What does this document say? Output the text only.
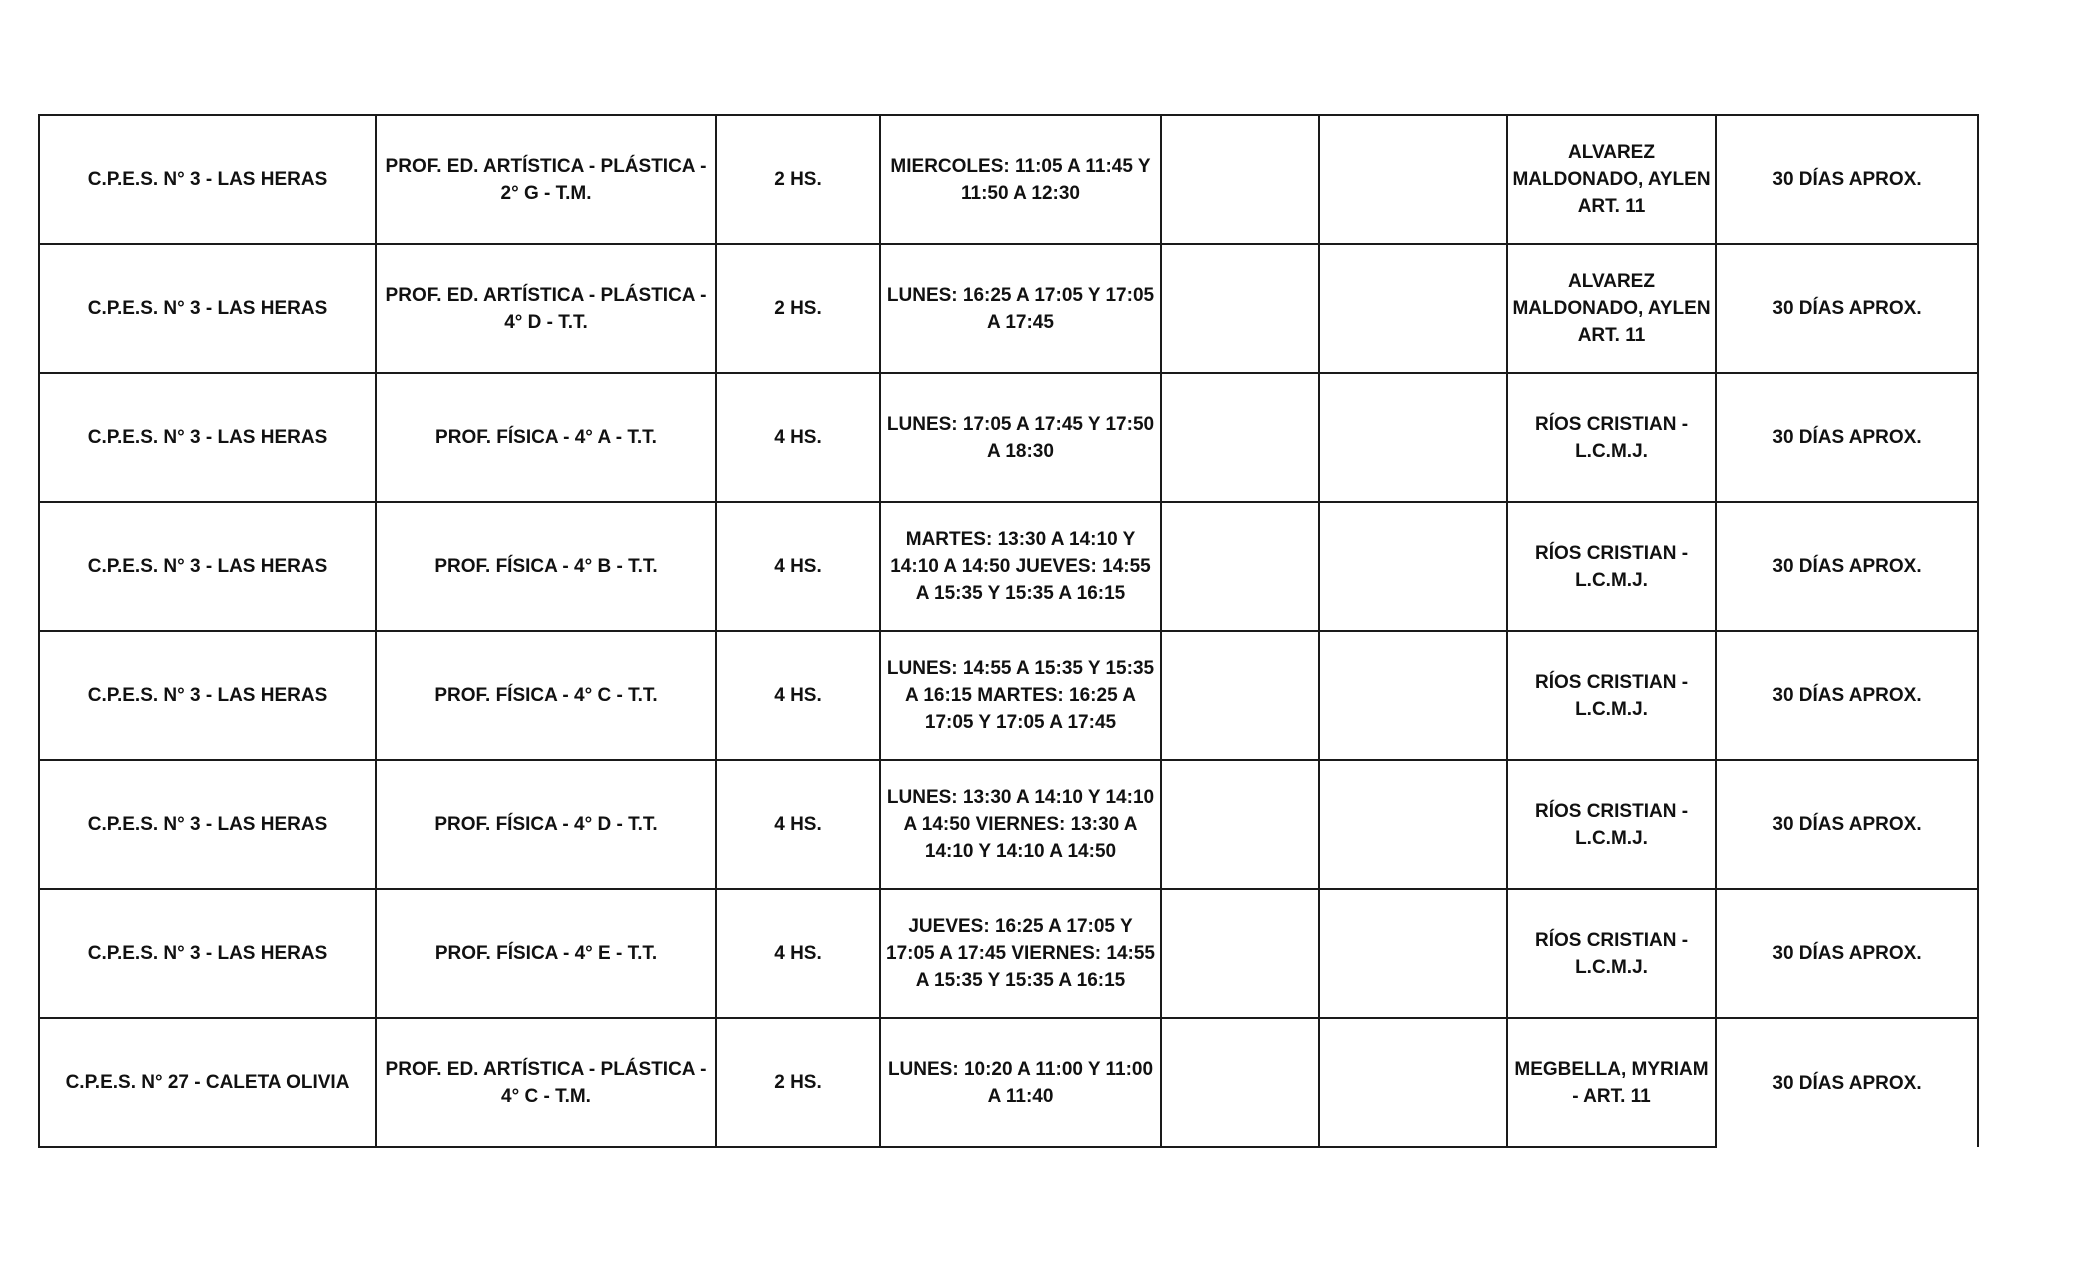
C.P.E.S. N° 3 - LAS HERAS	PROF. ED. ARTÍSTICA - PLÁSTICA - 2° G - T.M.	2 HS.	MIERCOLES: 11:05 A 11:45 Y 11:50 A 12:30			ALVAREZ MALDONADO, AYLEN ART. 11	30 DÍAS APROX.
C.P.E.S. N° 3 - LAS HERAS	PROF. ED. ARTÍSTICA - PLÁSTICA - 4° D - T.T.	2 HS.	LUNES: 16:25 A 17:05 Y 17:05 A 17:45			ALVAREZ MALDONADO, AYLEN ART. 11	30 DÍAS APROX.
C.P.E.S. N° 3 - LAS HERAS	PROF. FÍSICA - 4° A - T.T.	4 HS.	LUNES: 17:05 A 17:45 Y 17:50 A 18:30			RÍOS CRISTIAN - L.C.M.J.	30 DÍAS APROX.
C.P.E.S. N° 3 - LAS HERAS	PROF. FÍSICA - 4° B - T.T.	4 HS.	MARTES: 13:30 A 14:10 Y 14:10 A 14:50 JUEVES: 14:55 A 15:35 Y 15:35 A 16:15			RÍOS CRISTIAN - L.C.M.J.	30 DÍAS APROX.
C.P.E.S. N° 3 - LAS HERAS	PROF. FÍSICA - 4° C - T.T.	4 HS.	LUNES: 14:55 A 15:35 Y 15:35 A 16:15 MARTES: 16:25 A 17:05 Y 17:05 A 17:45			RÍOS CRISTIAN - L.C.M.J.	30 DÍAS APROX.
C.P.E.S. N° 3 - LAS HERAS	PROF. FÍSICA - 4° D - T.T.	4 HS.	LUNES: 13:30 A 14:10 Y 14:10 A 14:50 VIERNES: 13:30 A 14:10 Y 14:10 A 14:50			RÍOS CRISTIAN - L.C.M.J.	30 DÍAS APROX.
C.P.E.S. N° 3 - LAS HERAS	PROF. FÍSICA - 4° E - T.T.	4 HS.	JUEVES: 16:25 A 17:05 Y 17:05 A 17:45 VIERNES: 14:55 A 15:35 Y 15:35 A 16:15			RÍOS CRISTIAN - L.C.M.J.	30 DÍAS APROX.
C.P.E.S. N° 27 - CALETA OLIVIA	PROF. ED. ARTÍSTICA - PLÁSTICA - 4° C - T.M.	2 HS.	LUNES: 10:20 A 11:00 Y 11:00 A 11:40			MEGBELLA, MYRIAM - ART. 11	30 DÍAS APROX.
